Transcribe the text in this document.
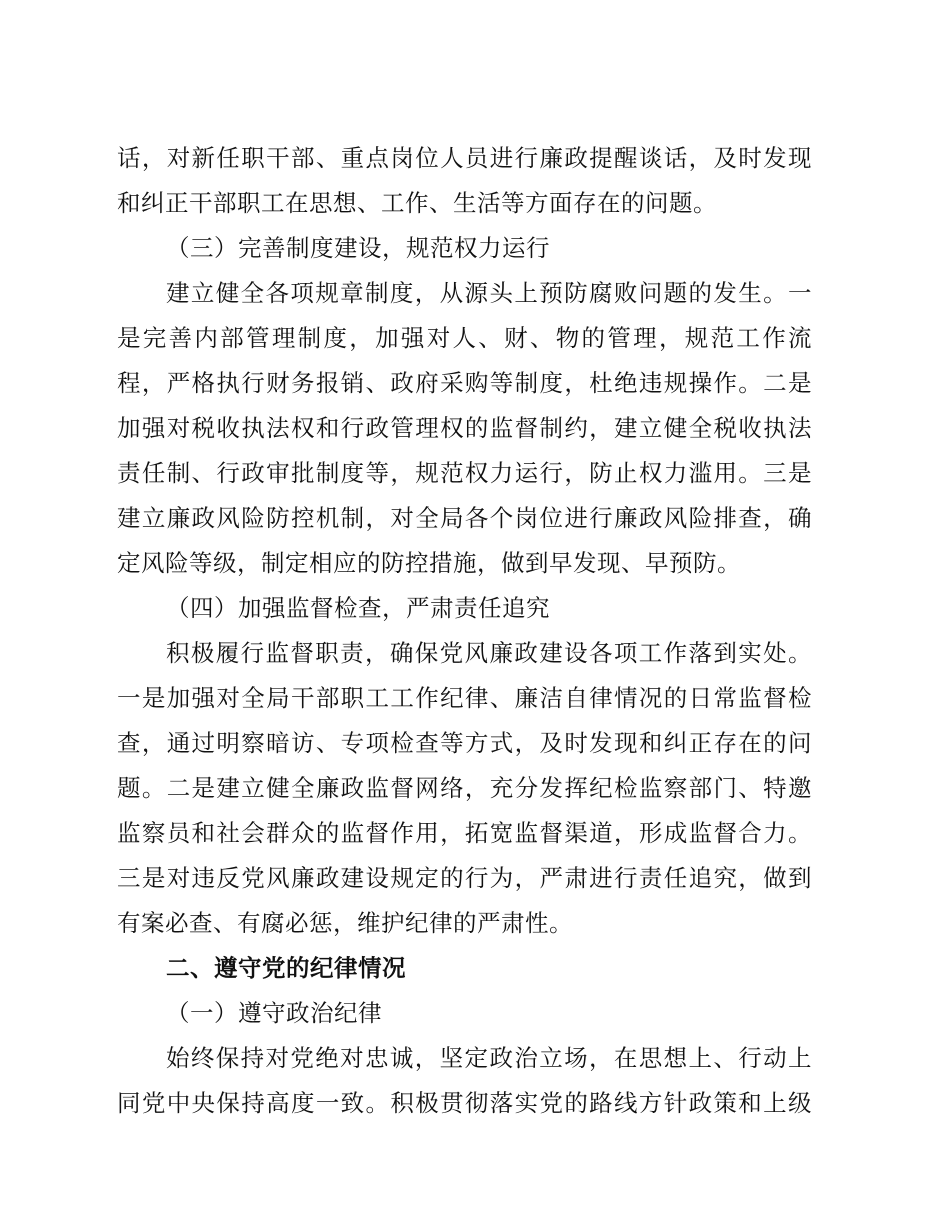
话，对新任职干部、重点岗位人员进行廉政提醒谈话，及时发现
和纠正干部职工在思想、工作、生活等方面存在的问题。
（三）完善制度建设，规范权力运行
建立健全各项规章制度，从源头上预防腐败问题的发生。一
是完善内部管理制度，加强对人、财、物的管理，规范工作流
程，严格执行财务报销、政府采购等制度，杜绝违规操作。二是
加强对税收执法权和行政管理权的监督制约，建立健全税收执法
责任制、行政审批制度等，规范权力运行，防止权力滥用。三是
建立廉政风险防控机制，对全局各个岗位进行廉政风险排查，确
定风险等级，制定相应的防控措施，做到早发现、早预防。
（四）加强监督检查，严肃责任追究
积极履行监督职责，确保党风廉政建设各项工作落到实处。
一是加强对全局干部职工工作纪律、廉洁自律情况的日常监督检
查，通过明察暗访、专项检查等方式，及时发现和纠正存在的问
题。二是建立健全廉政监督网络，充分发挥纪检监察部门、特邀
监察员和社会群众的监督作用，拓宽监督渠道，形成监督合力。
三是对违反党风廉政建设规定的行为，严肃进行责任追究，做到
有案必查、有腐必惩，维护纪律的严肃性。
二、遵守党的纪律情况
（一）遵守政治纪律
始终保持对党绝对忠诚，坚定政治立场，在思想上、行动上
同党中央保持高度一致。积极贯彻落实党的路线方针政策和上级
